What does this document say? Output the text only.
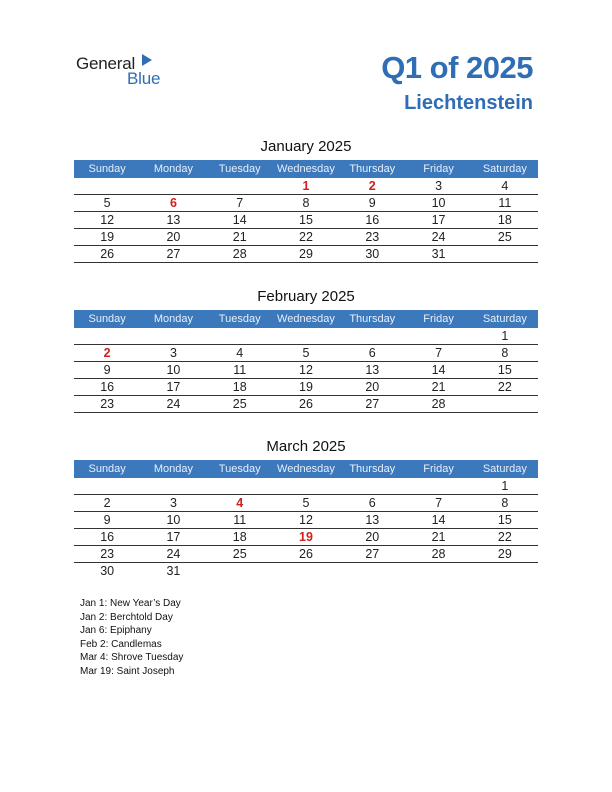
General
Blue	Q1 of 2025
Liechtenstein
January 2025
Sunday	Monday	Tuesday	Wednesday	Thursday	Friday	Saturday
			1	2	3	4
5	6	7	8	9	10	11
12	13	14	15	16	17	18
19	20	21	22	23	24	25
26	27	28	29	30	31	
February 2025
Sunday	Monday	Tuesday	Wednesday	Thursday	Friday	Saturday
						1
2	3	4	5	6	7	8
9	10	11	12	13	14	15
16	17	18	19	20	21	22
23	24	25	26	27	28	
March 2025
Sunday	Monday	Tuesday	Wednesday	Thursday	Friday	Saturday
						1
2	3	4	5	6	7	8
9	10	11	12	13	14	15
16	17	18	19	20	21	22
23	24	25	26	27	28	29
30	31					
Jan 1: New Year’s Day
Jan 2: Berchtold Day
Jan 6: Epiphany
Feb 2: Candlemas
Mar 4: Shrove Tuesday
Mar 19: Saint Joseph
